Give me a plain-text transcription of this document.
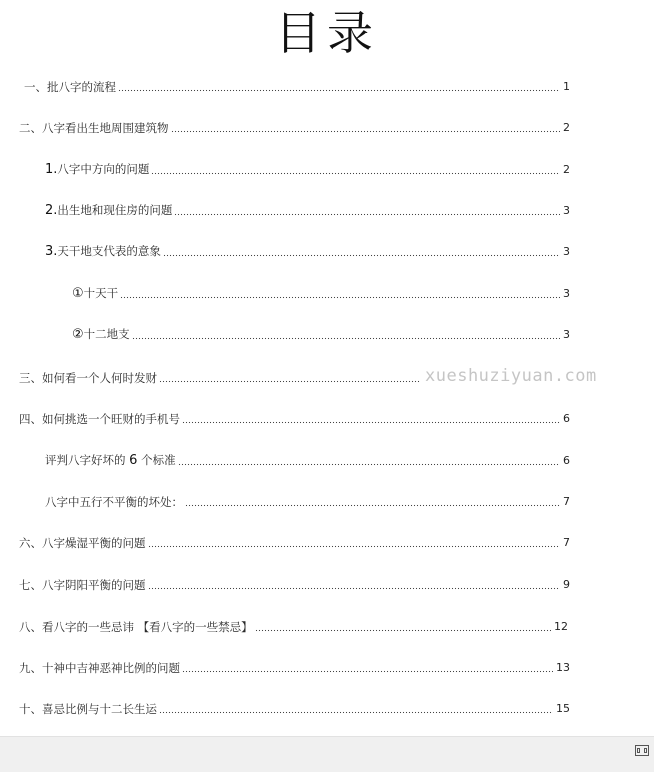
目录
一、批八字的流程	1
二、八字看出生地周围建筑物	2
1.八字中方向的问题	2
2.出生地和现住房的问题	3
3.天干地支代表的意象	3
①十天干	3
②十二地支	3
三、如何看一个人何时发财
四、如何挑选一个旺财的手机号	6
评判八字好坏的 6 个标准	6
八字中五行不平衡的坏处：	7
六、八字燥湿平衡的问题	7
七、八字阴阳平衡的问题	9
八、看八字的一些忌讳 【看八字的一些禁忌】	12
九、十神中吉神恶神比例的问题	13
十、喜忌比例与十二长生运	15
xueshuziyuan.com
